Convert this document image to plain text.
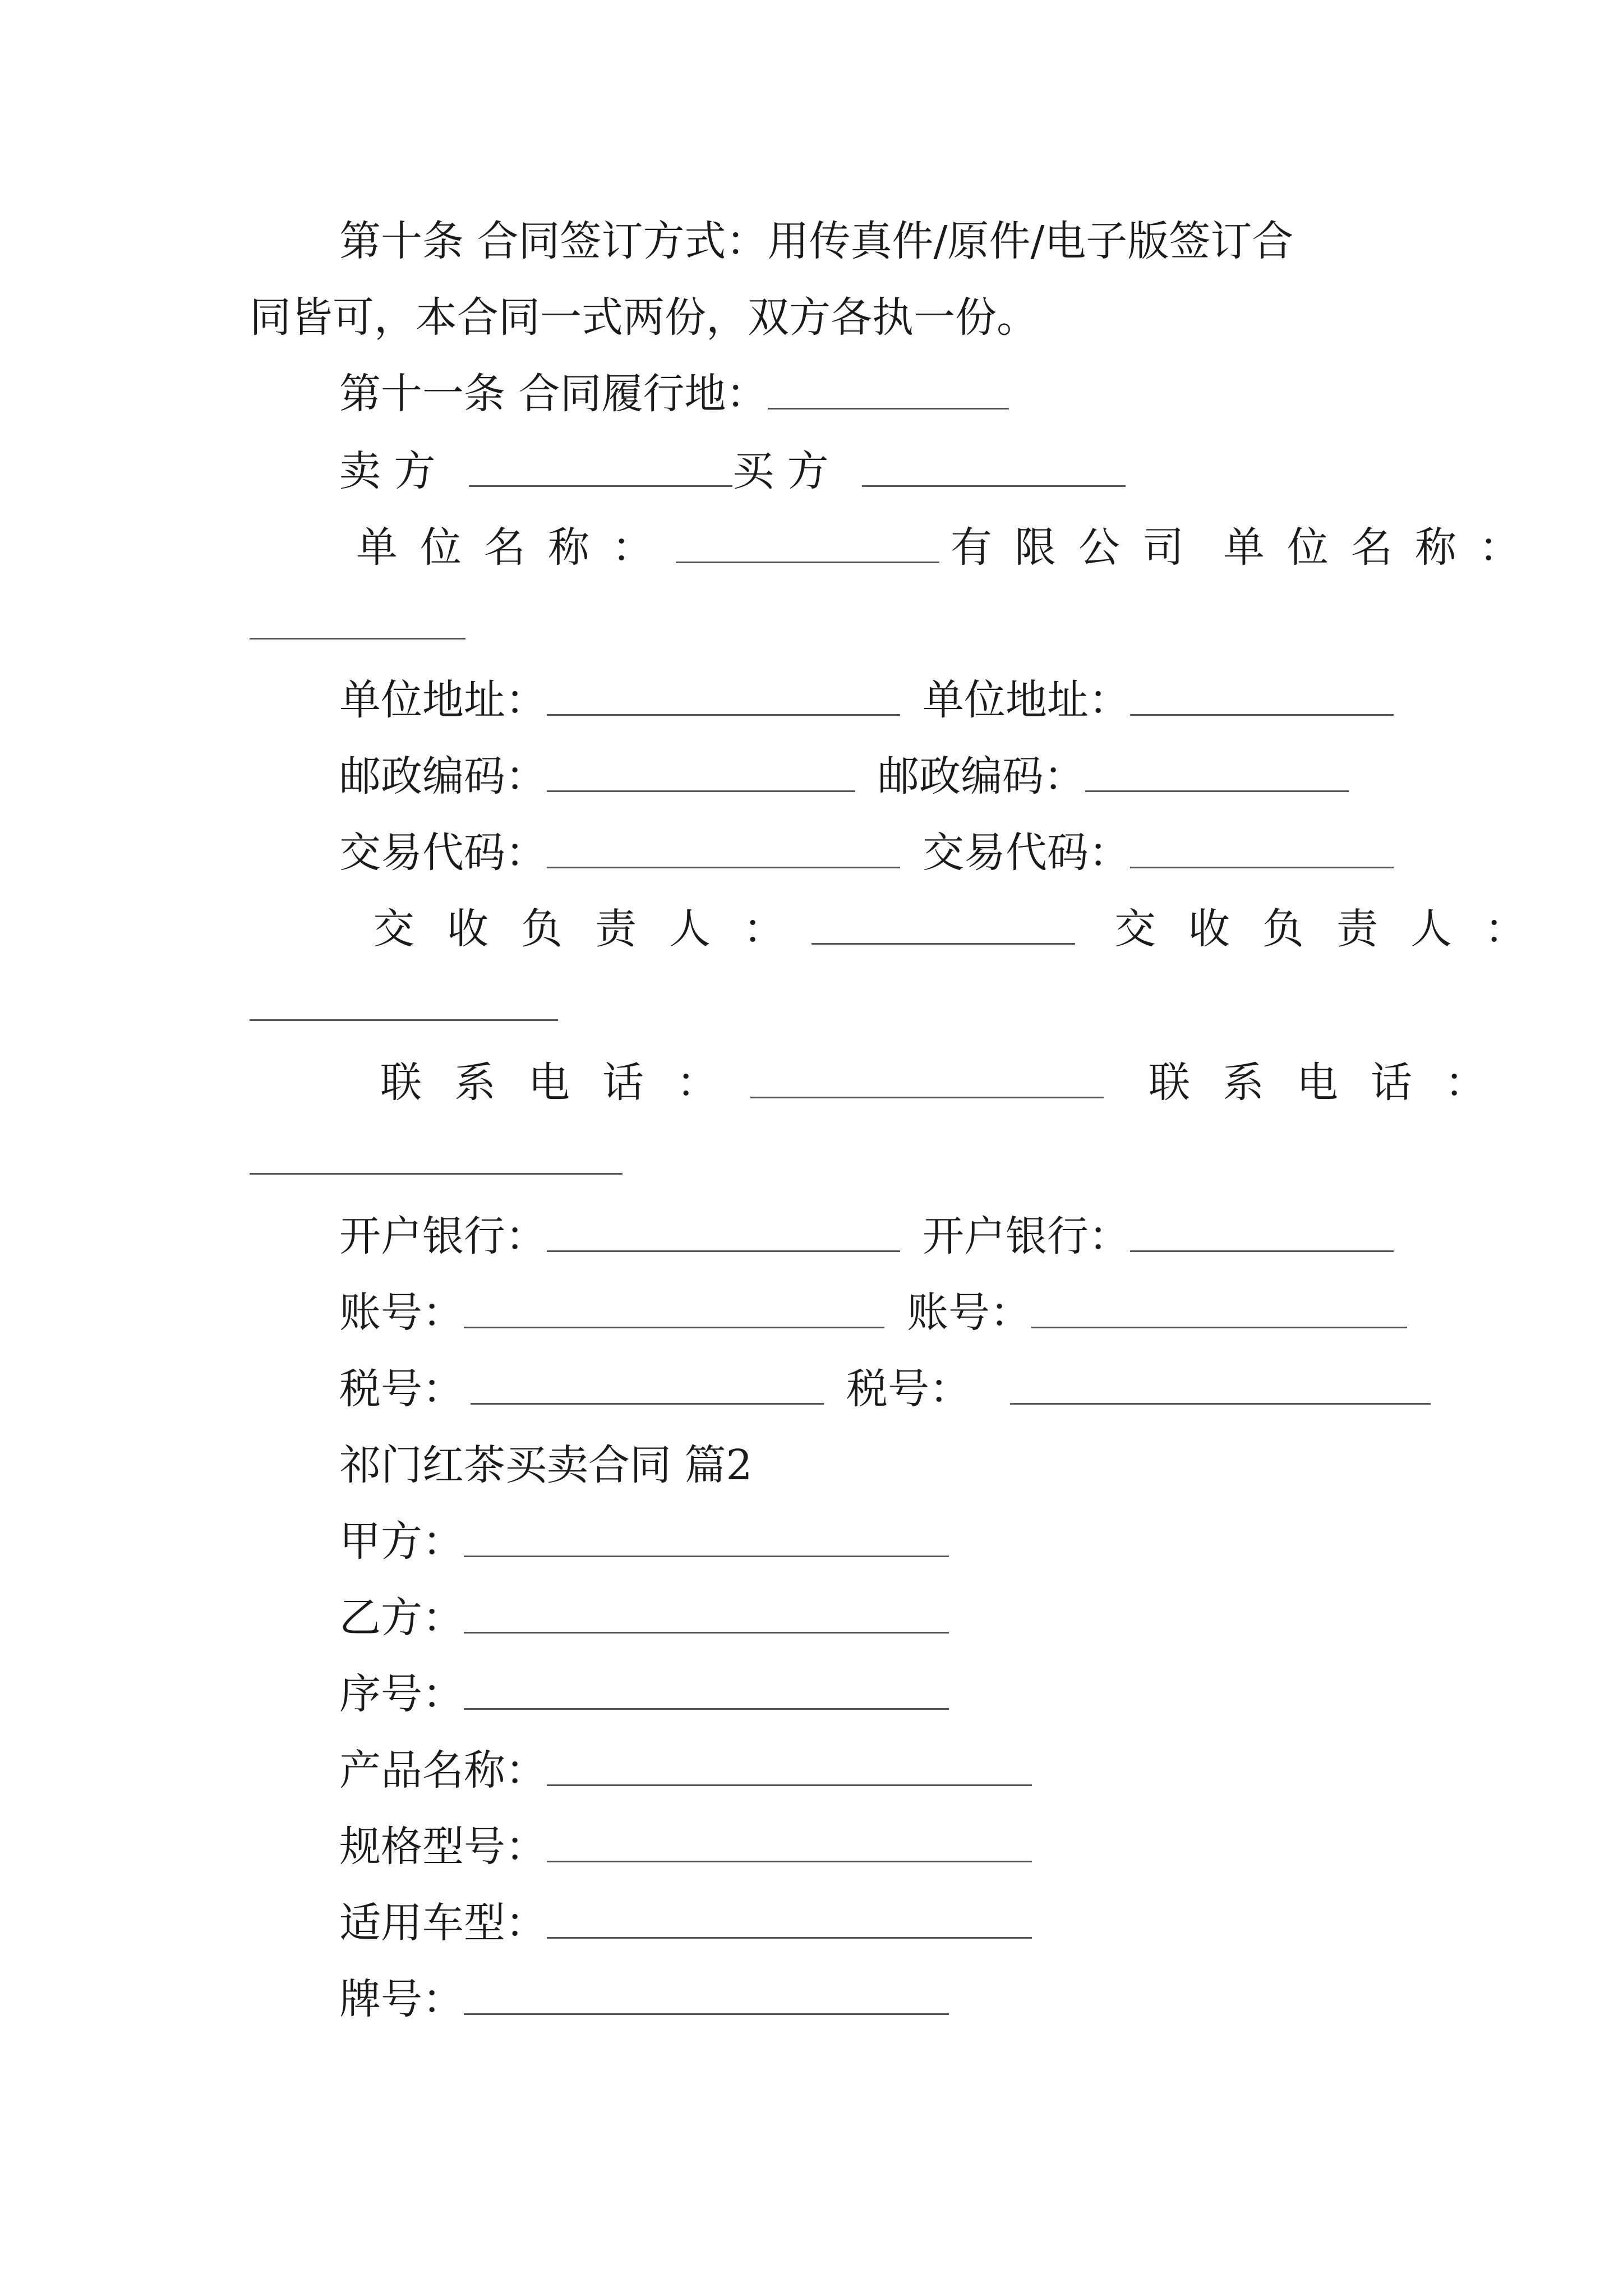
第十条 合同签订方式：用传真件/原件/电子版签订合
同皆可，本合同一式两份，双方各执一份。
第十一条 合同履行地：
卖 方	买 方
单位名称：	有限公司 单位名称：
单位地址：	单位地址：
邮政编码：	邮政编码：
交易代码：	交易代码：
交收负责人：	交收负责人：
联系电话：	联系电话：
开户银行：	开户银行：
账号：	账号：
税号：	税号：
祁门红茶买卖合同 篇2
甲方：
乙方：
序号：
产品名称：
规格型号：
适用车型：
牌号：
